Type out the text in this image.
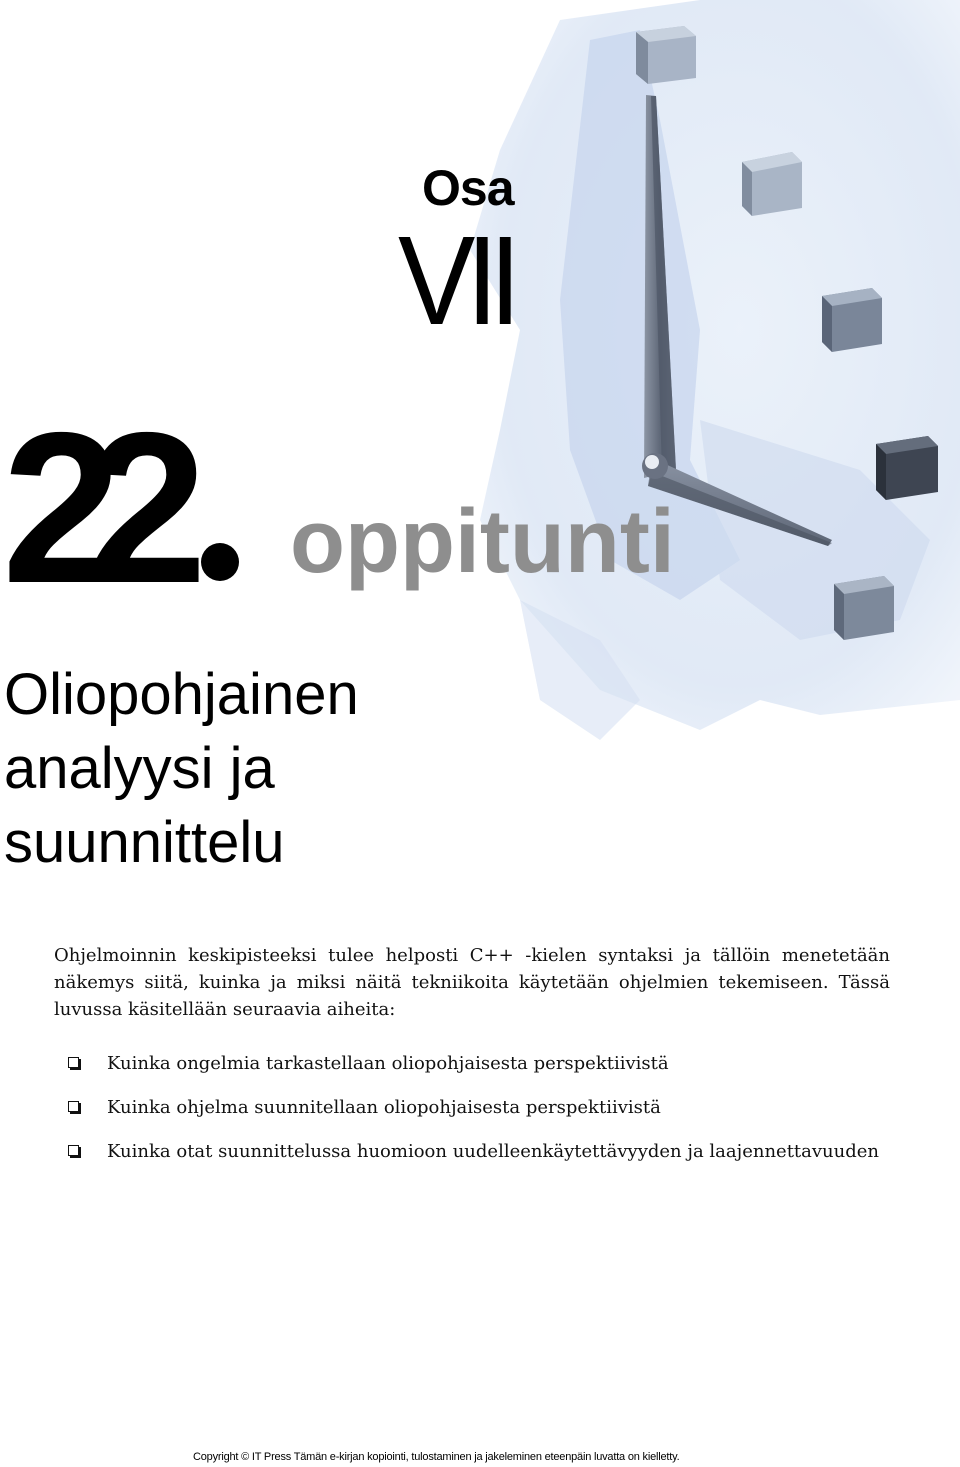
Osa
VII
22 oppitunti
Oliopohjainen
analyysi ja
suunnittelu

Ohjelmoinnin keskipisteeksi tulee helposti C++ -kielen syntaksi ja tällöin menetetään näkemys siitä, kuinka ja miksi näitä tekniikoita käytetään ohjelmien tekemiseen. Tässä luvussa käsitellään seuraavia aiheita:

Kuinka ongelmia tarkastellaan oliopohjaisesta perspektiivistä
Kuinka ohjelma suunnitellaan oliopohjaisesta perspektiivistä
Kuinka otat suunnittelussa huomioon uudelleenkäytettävyyden ja laajennettavuuden
Copyright © IT Press Tämän e-kirjan kopiointi, tulostaminen ja jakeleminen eteenpäin luvatta on kielletty.
